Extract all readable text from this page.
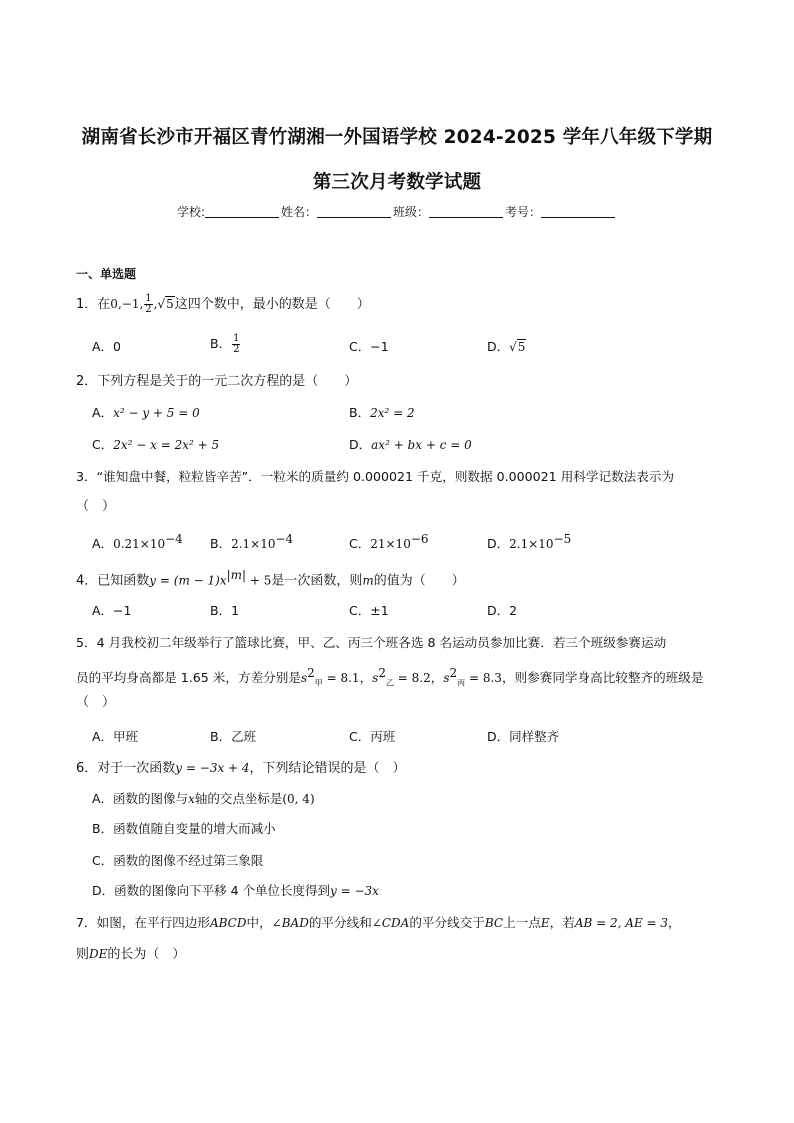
湖南省长沙市开福区青竹湖湘一外国语学校 2024-2025 学年八年级下学期
第三次月考数学试题
学校:	姓名：	班级：	考号：
一、单选题
1．在0,−1, $\frac{1}{2} ,√5$这四个数中，最小的数是（　　）
A．0	B． $\frac{1}{2}$	C．−1	D．√5
2．下列方程是关于的一元二次方程的是（　　）
A．x² − y + 5 = 0	B．2x² = 2
C．2x² − x = 2x² + 5	D．ax² + bx + c = 0
3．“谁知盘中餐，粒粒皆辛苦”．一粒米的质量约 0.000021 千克，则数据 0.000021 用科学记数法表示为
（　）
A．$0.21\times 10^{-4}$ B．$2.1\times 10^{-4}$	C．$21\times 10^{-6}$	D．$2.1\times 10^{-5}$
4．已知函数$y = (m - 1)x^{|m|} + 5$是一次函数，则m的值为（　　）
A．−1	B．1	C．±1	D．2
5．4 月我校初二年级举行了篮球比赛，甲、乙、丙三个班各选 8 名运动员参加比赛．若三个班级参赛运动
员的平均身高都是 1.65 米，方差分别是$s^2_甲 = 8.1$，$s^2_乙 = 8.2$，$s^2_丙 = 8.3$，则参赛同学身高比较整齐的班级是
（　）
A．甲班	B．乙班	C．丙班	D．同样整齐
6．对于一次函数y = −3x + 4，下列结论错误的是（　）
A．函数的图像与x轴的交点坐标是(0, 4)
B．函数值随自变量的增大而减小
C．函数的图像不经过第三象限
D．函数的图像向下平移 4 个单位长度得到y = −3x
7．如图，在平行四边形ABCD中，∠BAD的平分线和∠CDA的平分线交于BC上一点E，若AB = 2, AE = 3，
则DE的长为（　）
